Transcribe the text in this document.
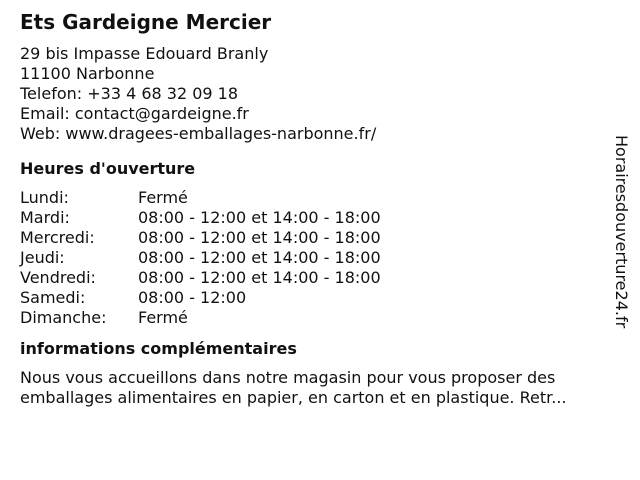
Ets Gardeigne Mercier
29 bis Impasse Edouard Branly
11100 Narbonne
Telefon: +33 4 68 32 09 18
Email: contact@gardeigne.fr
Web: www.dragees-emballages-narbonne.fr/
Heures d'ouverture
Lundi:	Fermé
Mardi:	08:00 - 12:00 et 14:00 - 18:00
Mercredi:	08:00 - 12:00 et 14:00 - 18:00
Jeudi:	08:00 - 12:00 et 14:00 - 18:00
Vendredi:	08:00 - 12:00 et 14:00 - 18:00
Samedi:	08:00 - 12:00
Dimanche: Fermé
informations complémentaires

Nous vous accueillons dans notre magasin pour vous proposer des emballages alimentaires en papier, en carton et en plastique. Retr...

Horairesdouverture24.fr
